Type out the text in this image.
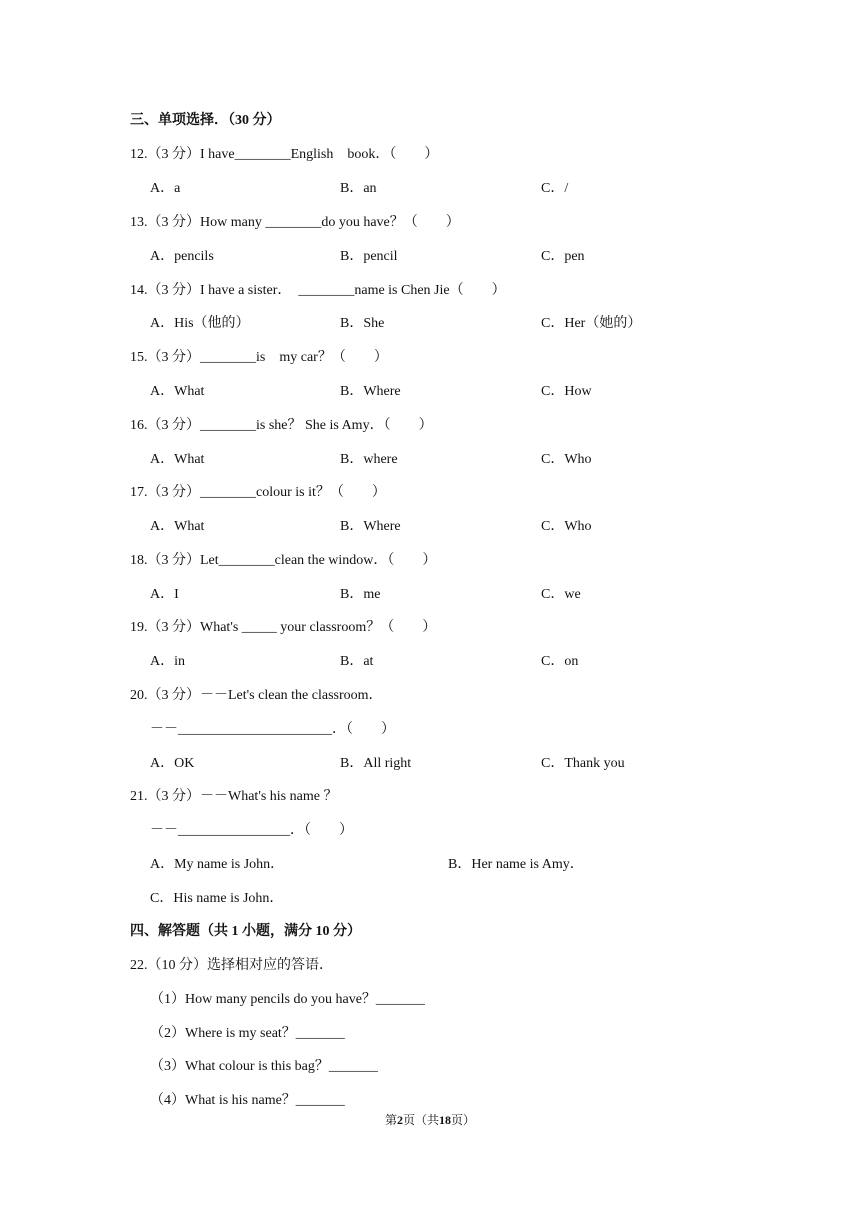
三、单项选择．（30 分）
12.（3 分）I have________English    book．（        ）
A．a	B．an	C．/
13.（3 分）How many ________do you have？（        ）
A．pencils	B．pencil	C．pen
14.（3 分）I have a sister．  ________name is Chen Jie（        ）
A．His（他的）	B．She	C．Her（她的）
15.（3 分）________is    my car？（        ）
A．What	B．Where	C．How
16.（3 分）________is she？ She is Amy．（        ）
A．What	B．where	C．Who
17.（3 分）________colour is it？（        ）
A．What	B．Where	C．Who
18.（3 分）Let________clean the window．（        ）
A．I	B．me	C．we
19.（3 分）What's _____ your classroom？（        ）
A．in	B．at	C．on
20.（3 分）－－Let's clean the classroom．
－－______________________．（        ）
A．OK	B．All right	C．Thank you
21.（3 分）－－What's his name ？
－－________________．（        ）
A．My name is John．	B．Her name is Amy．
C．His name is John．
四、解答题（共 1 小题，满分 10 分）
22.（10 分）选择相对应的答语．
（1）How many pencils do you have？_______
（2）Where is my seat？_______
（3）What colour is this bag？_______
（4）What is his name？_______
第2页（共18页）
